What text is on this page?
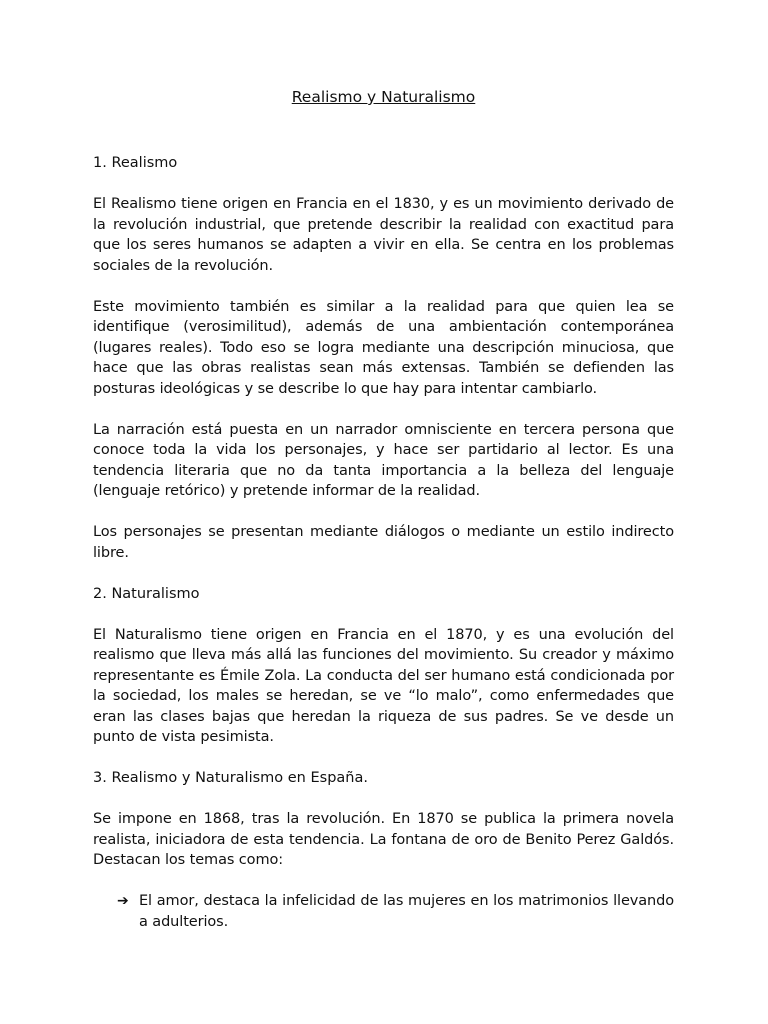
Realismo y Naturalismo
1. Realismo

El Realismo tiene origen en Francia en el 1830, y es un movimiento derivado de la revolución industrial, que pretende describir la realidad con exactitud para que los seres humanos se adapten a vivir en ella. Se centra en los problemas sociales de la revolución.

Este movimiento también es similar a la realidad para que quien lea se identifique (verosimilitud), además de una ambientación contemporánea (lugares reales). Todo eso se logra mediante una descripción minuciosa, que hace que las obras realistas sean más extensas. También se defienden las posturas ideológicas y se describe lo que hay para intentar cambiarlo.

La narración está puesta en un narrador omnisciente en tercera persona que conoce toda la vida los personajes, y hace ser partidario al lector. Es una tendencia literaria que no da tanta importancia a la belleza del lenguaje (lenguaje retórico) y pretende informar de la realidad.

Los personajes se presentan mediante diálogos o mediante un estilo indirecto libre.

2. Naturalismo

El Naturalismo tiene origen en Francia en el 1870, y es una evolución del realismo que lleva más allá las funciones del movimiento. Su creador y máximo representante es Émile Zola. La conducta del ser humano está condicionada por la sociedad, los males se heredan, se ve “lo malo”, como enfermedades que eran las clases bajas que heredan la riqueza de sus padres. Se ve desde un punto de vista pesimista.

3. Realismo y Naturalismo en España.

Se impone en 1868, tras la revolución. En 1870 se publica la primera novela realista, iniciadora de esta tendencia. La fontana de oro de Benito Perez Galdós. Destacan los temas como:

➔ El amor, destaca la infelicidad de las mujeres en los matrimonios llevando a adulterios.
